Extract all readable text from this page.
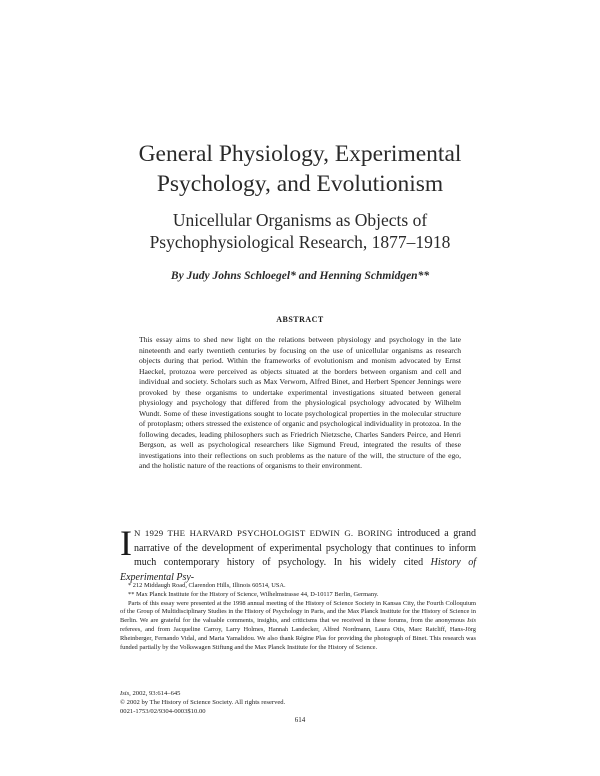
General Physiology, Experimental
Psychology, and Evolutionism
Unicellular Organisms as Objects of
Psychophysiological Research, 1877–1918
By Judy Johns Schloegel* and Henning Schmidgen**
ABSTRACT
This essay aims to shed new light on the relations between physiology and psychology in the late nineteenth and early twentieth centuries by focusing on the use of unicellular organisms as research objects during that period. Within the frameworks of evolutionism and monism advocated by Ernst Haeckel, protozoa were perceived as objects situated at the borders between organism and cell and individual and society. Scholars such as Max Verworn, Alfred Binet, and Herbert Spencer Jennings were provoked by these organisms to undertake experimental investigations situated between general physiology and psychology that differed from the physiological psychology advocated by Wilhelm Wundt. Some of these investigations sought to locate psychological properties in the molecular structure of protoplasm; others stressed the existence of organic and psychological individuality in protozoa. In the following decades, leading philosophers such as Friedrich Nietzsche, Charles Sanders Peirce, and Henri Bergson, as well as psychological researchers like Sigmund Freud, integrated the results of these investigations into their reflections on such problems as the nature of the will, the structure of the ego, and the holistic nature of the reactions of organisms to their environment.
I N 1929 THE HARVARD PSYCHOLOGIST EDWIN G. BORING introduced a grand narrative of the development of experimental psychology that continues to inform much contemporary history of psychology. In his widely cited History of Experimental Psy-

* 212 Middaugh Road, Clarendon Hills, Illinois 60514, USA.

** Max Planck Institute for the History of Science, Wilhelmstrasse 44, D-10117 Berlin, Germany.

Parts of this essay were presented at the 1998 annual meeting of the History of Science Society in Kansas City, the Fourth Colloquium of the Group of Multidisciplinary Studies in the History of Psychology in Paris, and the Max Planck Institute for the History of Science in Berlin. We are grateful for the valuable comments, insights, and criticisms that we received in these forums, from the anonymous Isis referees, and from Jacqueline Carroy, Larry Holmes, Hannah Landecker, Alfred Nordmann, Laura Otis, Marc Ratcliff, Hans-Jörg Rheinberger, Fernando Vidal, and Maria Yamalidou. We also thank Régine Plas for providing the photograph of Binet. This research was funded partially by the Volkswagen Stiftung and the Max Planck Institute for the History of Science.

Isis, 2002, 93:614–645
© 2002 by The History of Science Society. All rights reserved.
0021-1753/02/9304-0003$10.00
614
